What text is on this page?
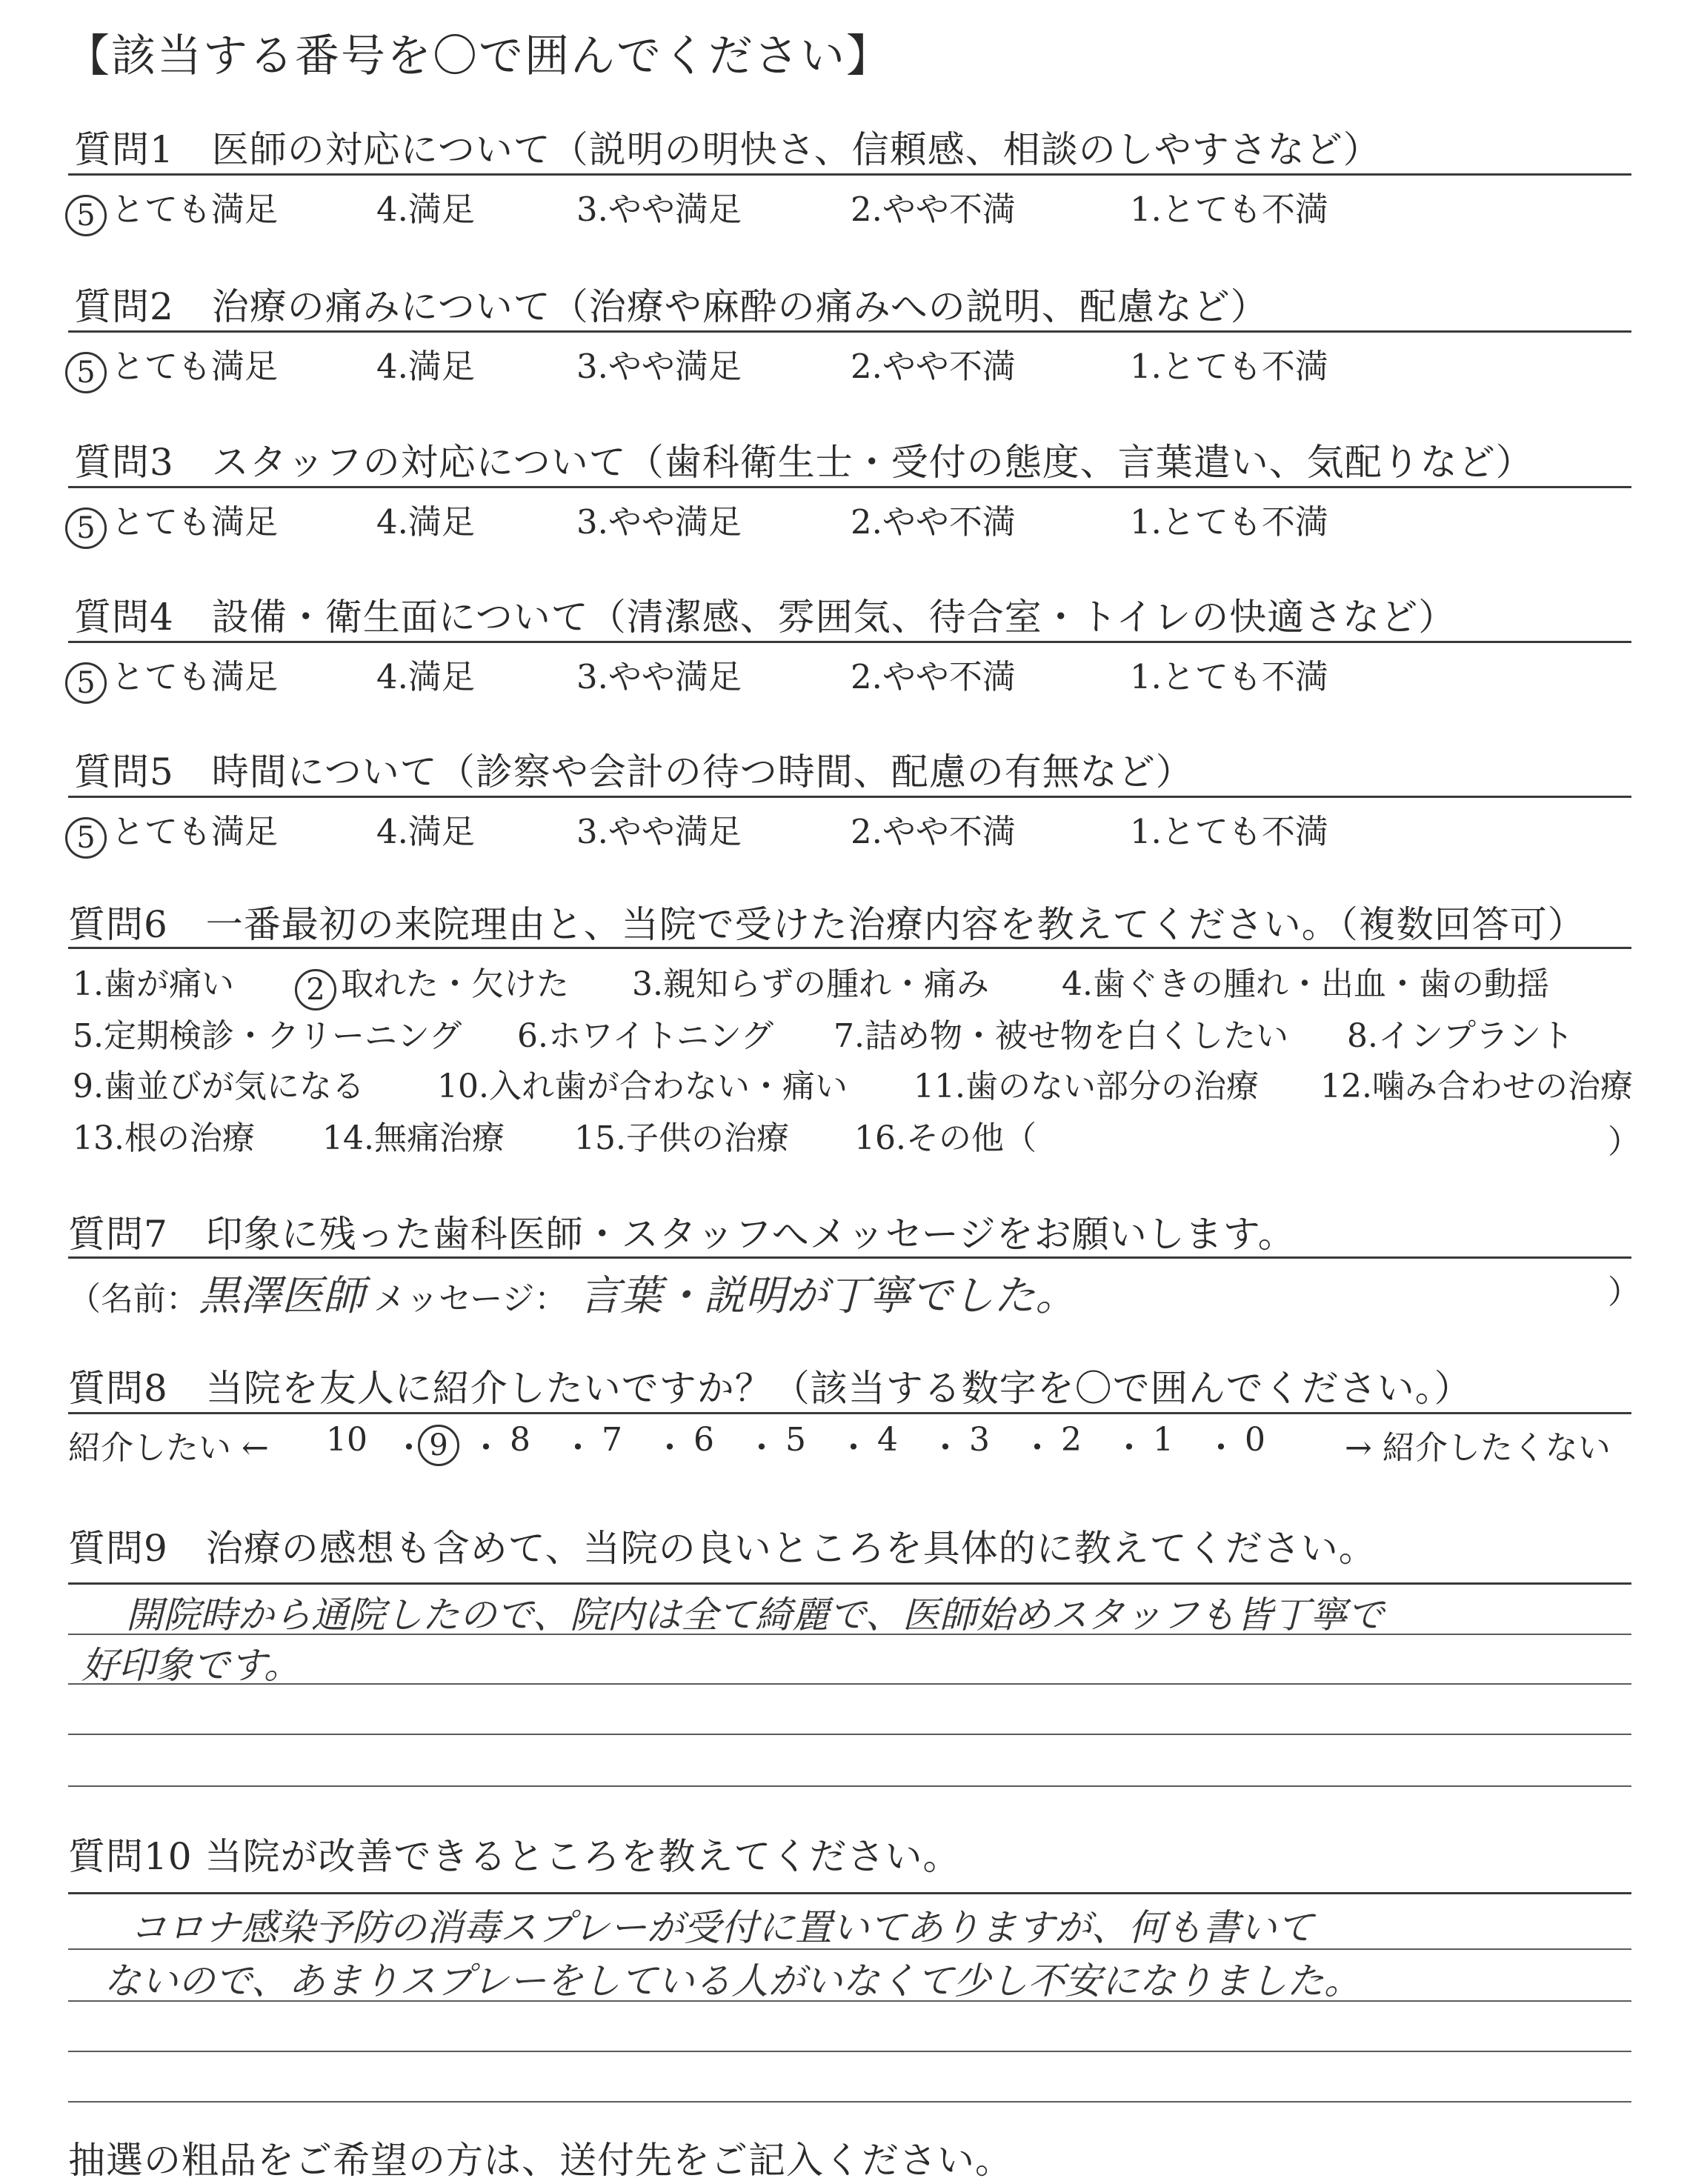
【該当する番号を〇で囲んでください】
質問1　医師の対応について（説明の明快さ、信頼感、相談のしやすさなど）
5 とても満足	4.満足	3.やや満足	2.やや不満	1.とても不満
質問2　治療の痛みについて（治療や麻酔の痛みへの説明、配慮など）
5 とても満足	4.満足	3.やや満足	2.やや不満	1.とても不満
質問3　スタッフの対応について（歯科衛生士・受付の態度、言葉遣い、気配りなど）
5 とても満足	4.満足	3.やや満足	2.やや不満	1.とても不満
質問4　設備・衛生面について（清潔感、雰囲気、待合室・トイレの快適さなど）
5 とても満足	4.満足	3.やや満足	2.やや不満	1.とても不満
質問5　時間について（診察や会計の待つ時間、配慮の有無など）
5 とても満足	4.満足	3.やや満足	2.やや不満	1.とても不満
質問6　一番最初の来院理由と、当院で受けた治療内容を教えてください。（複数回答可）
1.歯が痛い	2 取れた・欠けた 3.親知らずの腫れ・痛み 4.歯ぐきの腫れ・出血・歯の動揺
5.定期検診・クリーニング 6.ホワイトニング 7.詰め物・被せ物を白くしたい 8.インプラント
9.歯並びが気になる 10.入れ歯が合わない・痛い 11.歯のない部分の治療 12.噛み合わせの治療
13.根の治療 14.無痛治療 15.子供の治療 16.その他（	）
質問7　印象に残った歯科医師・スタッフへメッセージをお願いします。
（名前：黒澤医師 メッセージ： 言葉・説明が丁寧でした。	）
質問8　当院を友人に紹介したいですか？（該当する数字を〇で囲んでください。）
紹介したい ← 10 ・ 9 ・ 8 ・ 7 ・ 6 ・ 5 ・ 4 ・ 3 ・ 2 ・ 1 ・ 0 → 紹介したくない
質問9　治療の感想も含めて、当院の良いところを具体的に教えてください。
開院時から通院したので、院内は全て綺麗で、医師始めスタッフも皆丁寧で
好印象です。
質問10 当院が改善できるところを教えてください。
コロナ感染予防の消毒スプレーが受付に置いてありますが、何も書いて
ないので、あまりスプレーをしている人がいなくて少し不安になりました。
抽選の粗品をご希望の方は、送付先をご記入ください。
